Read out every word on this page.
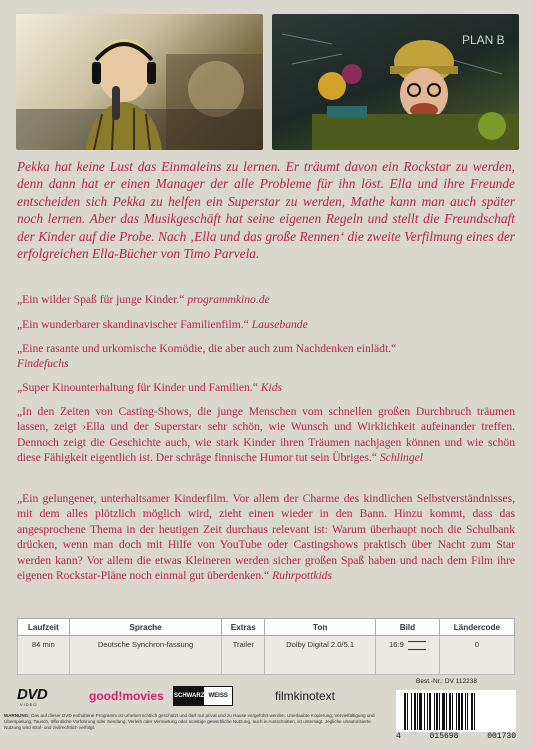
PLAN B

Pekka hat keine Lust das Einmaleins zu lernen. Er träumt davon ein Rockstar zu werden, denn dann hat er einen Manager der alle Probleme für ihn löst. Ella und ihre Freunde entscheiden sich Pekka zu helfen ein Superstar zu werden, Mathe kann man auch später noch lernen. Aber das Musikgeschäft hat seine eigenen Regeln und stellt die Freundschaft der Kinder auf die Probe. Nach ‚Ella und das große Rennen‘ die zweite Verfilmung eines der erfolgreichen Ella-Bücher von Timo Parvela.

„Ein wilder Spaß für junge Kinder.“ programmkino.de

„Ein wunderbarer skandinavischer Familienfilm.“ Lausebande

„Eine rasante und urkomische Komödie, die aber auch zum Nachdenken einlädt.“
Findefuchs

„Super Kinounterhaltung für Kinder und Familien.“ Kids

„In den Zeiten von Casting-Shows, die junge Menschen vom schnellen großen Durchbruch träumen lassen, zeigt ›Ella und der Superstar‹ sehr schön, wie Wunsch und Wirklichkeit aufeinander treffen. Dennoch zeigt die Geschichte auch, wie stark Kinder ihren Träumen nachjagen können und wie schön diese Fähigkeit eigentlich ist. Der schräge finnische Humor tut sein Übriges.“ Schlingel

„Ein gelungener, unterhaltsamer Kinderfilm. Vor allem der Charme des kindlichen Selbstverständnisses, mit dem alles plötzlich möglich wird, zieht einen wieder in den Bann. Hinzu kommt, dass das angesprochene Thema in der heutigen Zeit durchaus relevant ist: Warum überhaupt noch die Schulbank drücken, wenn man doch mit Hilfe von YouTube oder Castingshows praktisch über Nacht zum Star werden kann? Vor allem die etwas Kleineren werden sicher großen Spaß haben und nach dem Film ihre eigenen Rockstar-Pläne noch einmal gut überdenken.“ Ruhrpottkids

Laufzeit	Sprache	Extras	Ton	Bild	Ländercode
84 min	Deutsche Synchron-fassung	Trailer	Dolby Digital 2.0/5.1	16:9	0
DVD
VIDEO
good!movies SCHWARZ WEISS	filmkinotext
Best.-Nr.: DV 112238
4	015698	001730

WARNUNG: Das auf dieser DVD enthaltene Programm ist urheberrechtlich geschützt und darf nur privat und zu Hause vorgeführt werden. Unerlaubte Kopierung, Vervielfältigung und Überspielung, Tausch, öffentliche Vorführung oder Sendung, Verleih oder Vermietung oder sonstige gewerbliche Nutzung, auch in Ausschnitten, ist untersagt. Jegliche unautorisierte Nutzung wird straf- und zivilrechtlich verfolgt.
